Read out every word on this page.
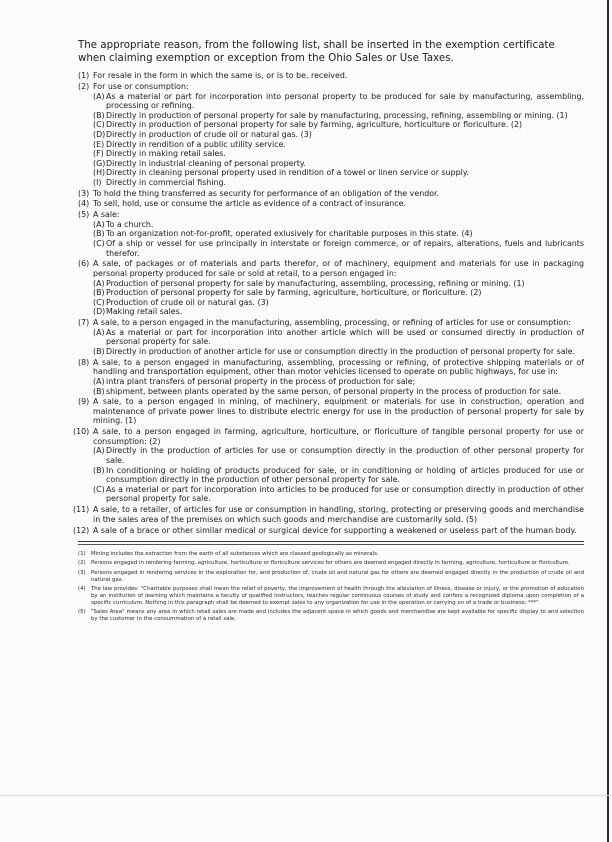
The appropriate reason, from the following list, shall be inserted in the exemption certificate when claiming exemption or exception from the Ohio Sales or Use Taxes.

(1) For resale in the form in which the same is, or is to be, received.
(2) For use or consumption:
(A) As a material or part for incorporation into personal property to be produced for sale by manufacturing, assembling, processing or refining.
(B) Directly in production of personal property for sale by manufacturing, processing, refining, assembling or mining. (1)
(C) Directly in production of personal property for sale by farming, agriculture, horticulture or floriculture. (2)
(D) Directly in production of crude oil or natural gas. (3)
(E) Directly in rendition of a public utility service.
(F) Directly in making retail sales.
(G) Directly in industrial cleaning of personal property.
(H) Directly in cleaning personal property used in rendition of a towel or linen service or supply.
(I) Directly in commercial fishing.
(3) To hold the thing transferred as security for performance of an obligation of the vendor.
(4) To sell, hold, use or consume the article as evidence of a contract of insurance.
(5) A sale:
(A) To a church.
(B) To an organization not-for-profit, operated exlusively for charitable purposes in this state. (4)
(C) Of a ship or vessel for use principally in interstate or foreign commerce, or of repairs, alterations, fuels and lubricants therefor.
(6) A sale, of packages or of materials and parts therefor, or of machinery, equipment and materials for use in packaging personal property produced for sale or sold at retail, to a person engaged in:
(A) Production of personal property for sale by manufacturing, assembling, processing, refining or mining. (1)
(B) Production of personal property for sale by farming, agriculture, horticulture, or floriculture. (2)
(C) Production of crude oil or natural gas. (3)
(D) Making retail sales.
(7) A sale, to a person engaged in the manufacturing, assembling, processing, or refining of articles for use or consumption:
(A) As a material or part for incorporation into another article which will be used or consumed directly in production of personal property for sale.
(B) Directly in production of another article for use or consumption directly in the production of personal property for sale.
(8) A sale, to a person engaged in manufacturing, assembling, processing or refining, of protective shipping materials or of handling and transportation equipment, other than motor vehicles licensed to operate on public highways, for use in:
(A) intra plant transfers of personal property in the process of production for sale;
(B) shipment, between plants operated by the same person, of personal property in the process of production for sale.
(9) A sale, to a person engaged in mining, of machinery, equipment or materials for use in construction, operation and maintenance of private power lines to distribute electric energy for use in the production of personal property for sale by mining. (1)
(10) A sale, to a person engaged in farming, agriculture, horticulture, or floriculture of tangible personal property for use or consumption: (2)
(A) Directly in the production of articles for use or consumption directly in the production of other personal property for sale.
(B) In conditioning or holding of products produced for sale, or in conditioning or holding of articles produced for use or consumption directly in the production of other personal property for sale.
(C) As a material or part for incorporation into articles to be produced for use or consumption directly in production of other personal property for sale.
(11) A sale, to a retailer, of articles for use or consumption in handling, storing, protecting or preserving goods and merchandise in the sales area of the premises on which such goods and merchandise are customarily sold. (5)
(12) A sale of a brace or other similar medical or surgical device for supporting a weakened or useless part of the human body.
(1) Mining includes the extraction from the earth of all substances which are classed geologically as minerals.
(2) Persons engaged in rendering farming, agriculture, horticulture or floriculture services for others are deemed engaged directly in farming, agriculture, horticulture or floriculture.
(3) Persons engaged in rendering services in the exploration for, and production of, crude oil and natural gas for others are deemed engaged directly in the production of crude oil and natural gas.
(4) The law provides: "Charitable purposes shall mean the relief of poverty, the improvement of health through the alleviation of illness, disease or injury, or the promotion of education by an institution of learning which maintains a faculty of qualified instructors, teaches regular continuous courses of study and confers a recognized diploma upon completion of a specific curriculum. Nothing in this paragraph shall be deemed to exempt sales to any organization for use in the operation or carrying on of a trade or business; ***"
(5) "Sales Area" means any area in which retail sales are made and includes the adjacent space in which goods and merchandise are kept available for specific display to and selection by the customer in the consummation of a retail sale.
